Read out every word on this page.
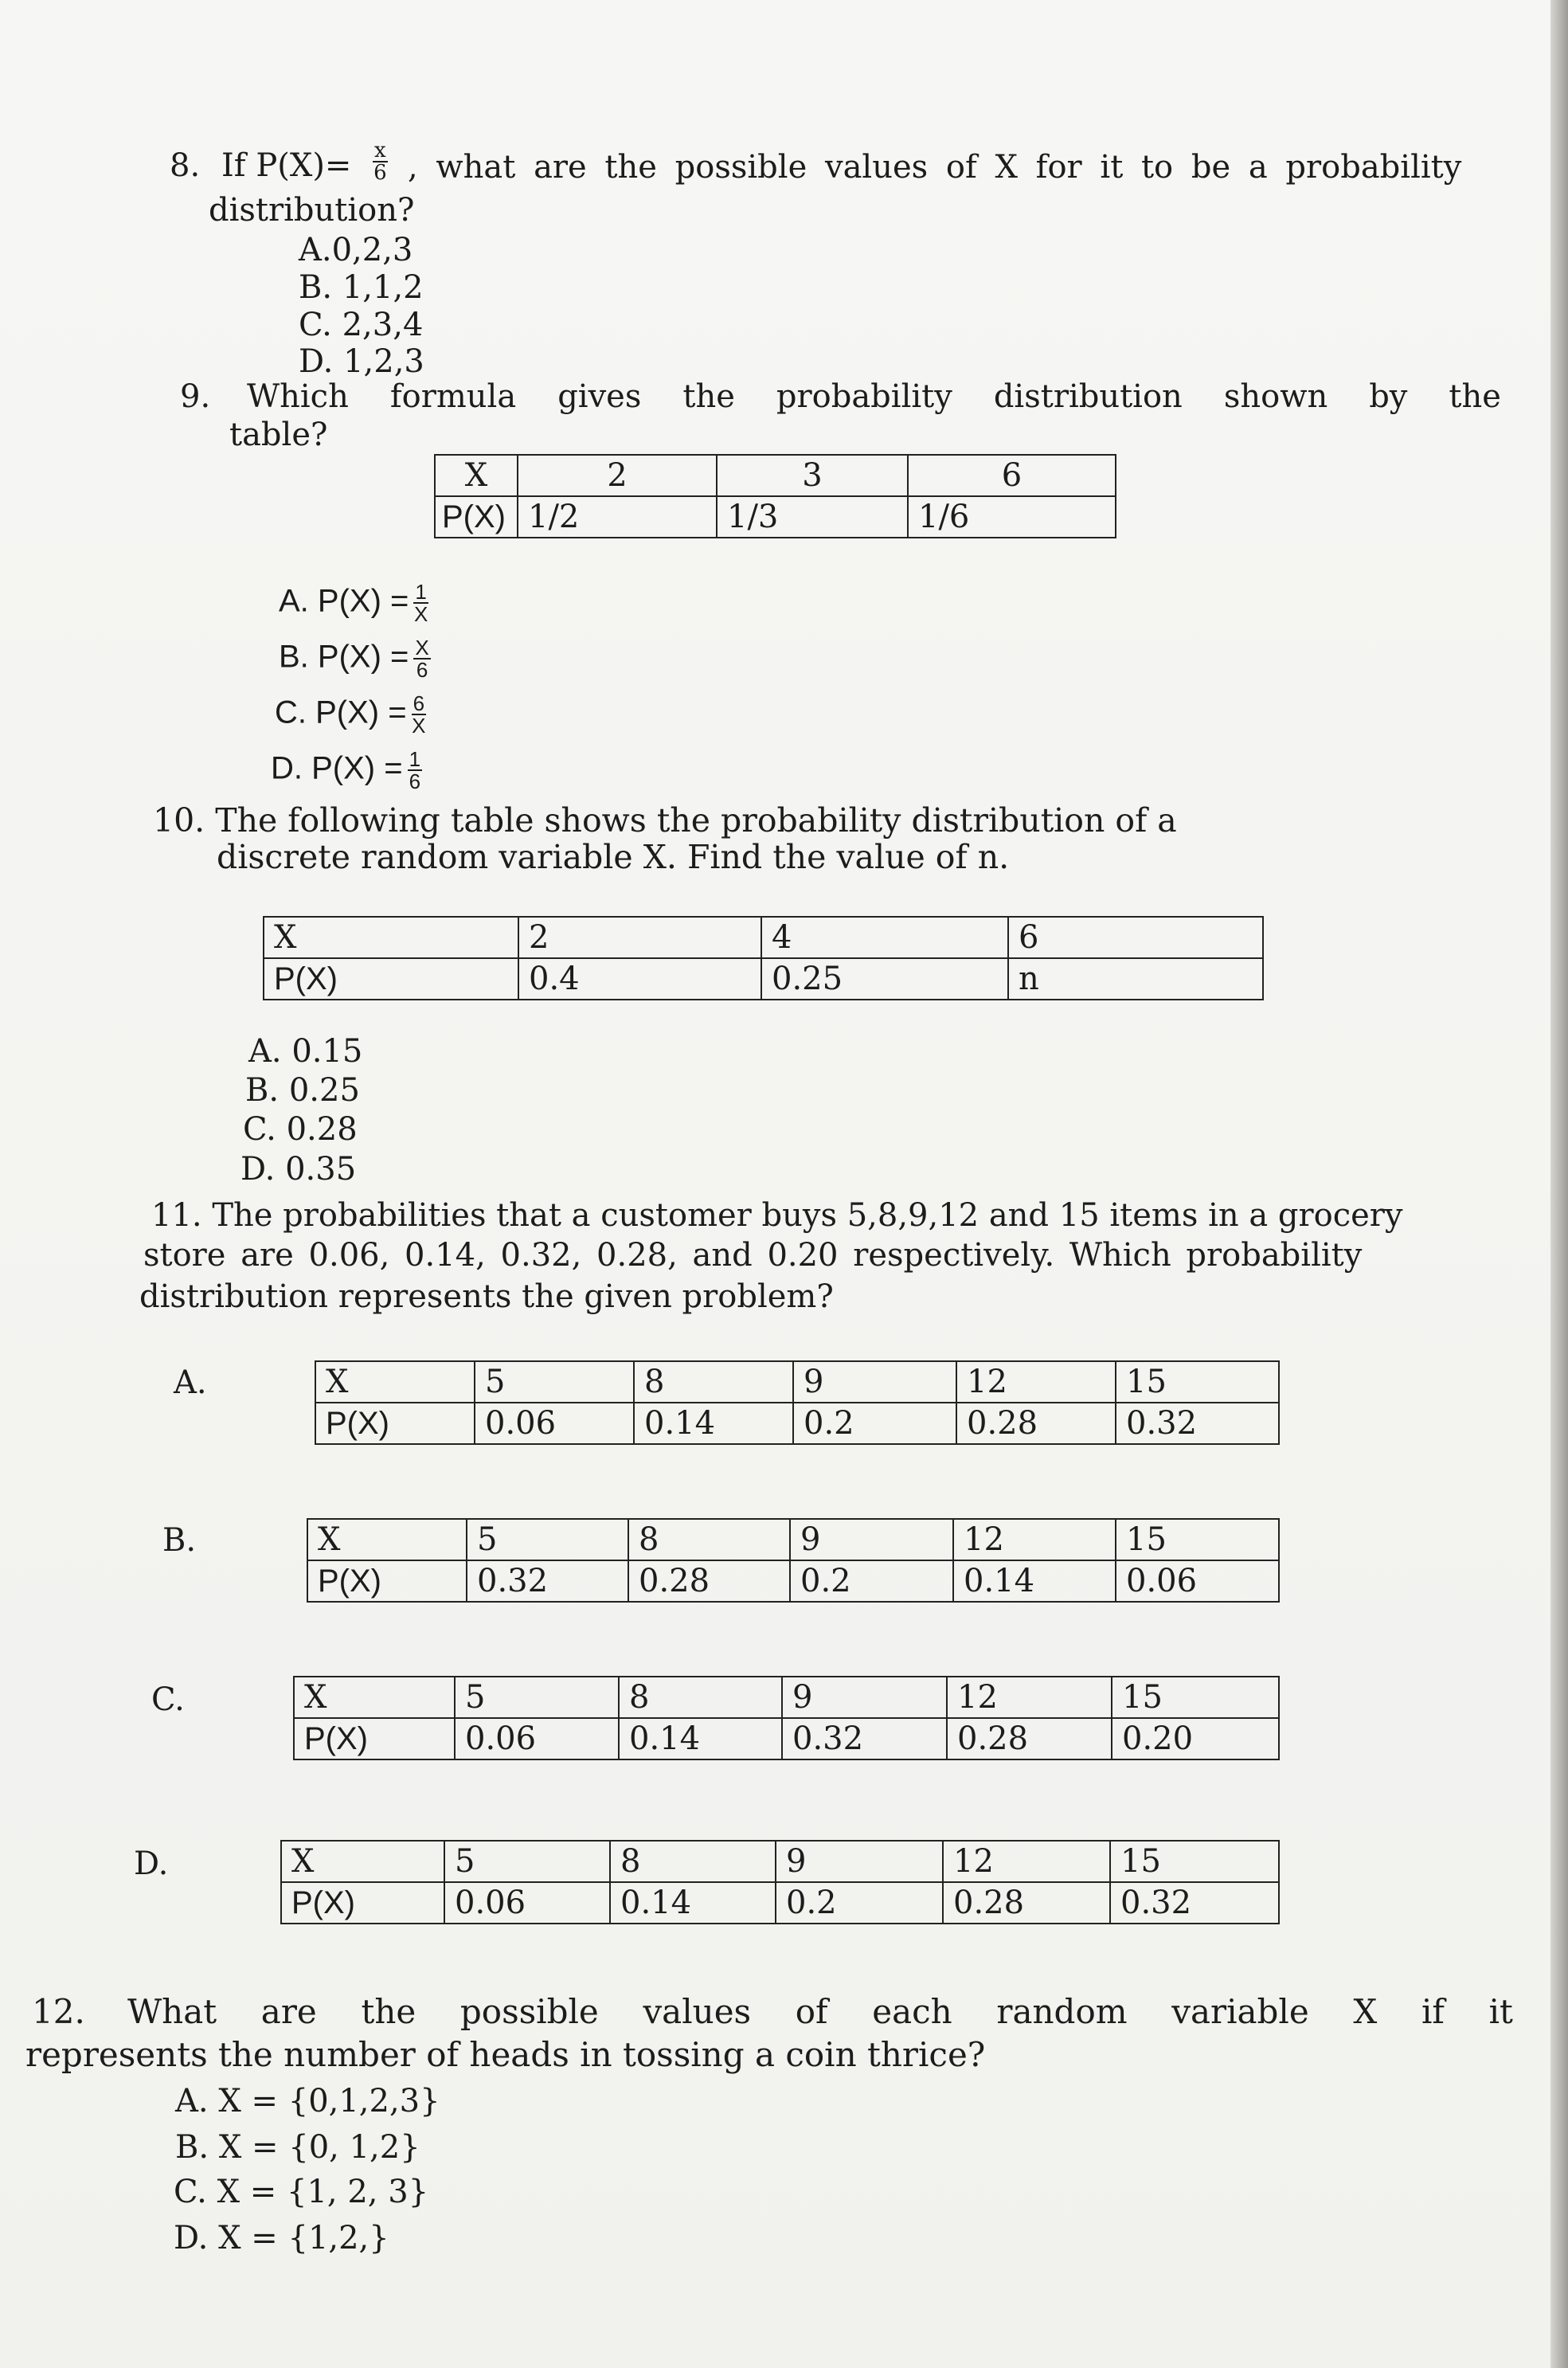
8. If $P(X)= \frac{x}{6}$ , what are the possible values of X for it to be a probability
distribution?
A.0,2,3
B. 1,1,2
C. 2,3,4
D. 1,2,3
9. Which formula gives the probability distribution shown by the
table?
X	2	3	6
P(X)	1/2	1/3	1/6
A. $P(X) = \frac{1}{X}$
B. $P(X) = \frac{X}{6}$
C. $P(X) = \frac{6}{X}$
D. $P(X) = \frac{1}{6}$
10. The following table shows the probability distribution of a
discrete random variable X. Find the value of n.
X	2	4	6
P(X)	0.4	0.25	n
A. 0.15
B. 0.25
C. 0.28
D. 0.35
11. The probabilities that a customer buys 5,8,9,12 and 15 items in a grocery
store are 0.06, 0.14, 0.32, 0.28, and 0.20 respectively. Which probability
distribution represents the given problem?
A.	X	5	8	9	12	15
P(X)	0.06	0.14	0.2	0.28	0.32
B.	X	5	8	9	12	15
P(X)	0.32	0.28	0.2	0.14	0.06
C.	X	5	8	9	12	15
P(X)	0.06	0.14	0.32	0.28	0.20
D.	X	5	8	9	12	15
P(X)	0.06	0.14	0.2	0.28	0.32
12. What are the possible values of each random variable X if it
represents the number of heads in tossing a coin thrice?
A. X = {0,1,2,3}
B. X = {0, 1,2}
C. X = {1, 2, 3}
D. X = {1,2,}
